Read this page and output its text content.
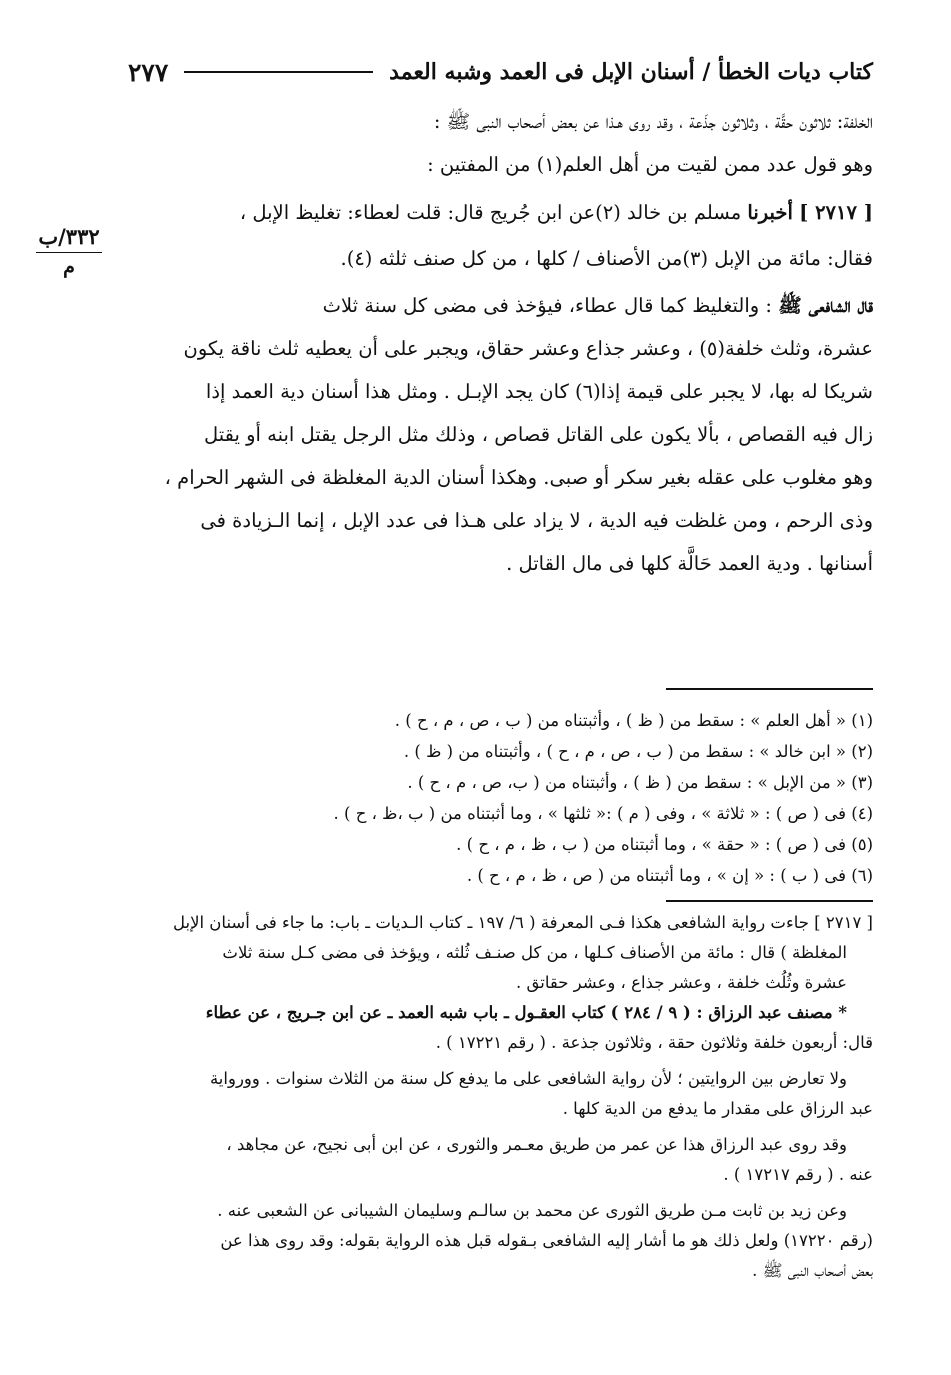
٢٧٧	كتاب ديات الخطأ / أسنان الإبل فى العمد وشبه العمد
٣٣٢/ب
م
الخلفة: ثلاثون حقَّة ، وثلاثون جذَعة ، وقد روى هـذا عن بعض أصحاب النبى ﷺ :
وهو قول عدد ممن لقيت من أهل العلم(١) من المفتين :
[ ٢٧١٧ ] أخبرنا مسلم بن خالد (٢)عن ابن جُريج قال: قلت لعطاء: تغليظ الإبل ،
فقال: مائة من الإبل (٣)من الأصناف / كلها ، من كل صنف ثلثه (٤).
قال الشافعى ﷺ : والتغليظ كما قال عطاء، فيؤخذ فى مضى كل سنة ثلاث
عشرة، وثلث خلفة(٥) ، وعشر جذاع وعشر حقاق، ويجبر على أن يعطيه ثلث ناقة يكون
شريكا له بها، لا يجبر على قيمة إذا(٦) كان يجد الإبـل . ومثل هذا أسنان دية العمد إذا
زال فيه القصاص ، بألا يكون على القاتل قصاص ، وذلك مثل الرجل يقتل ابنه أو يقتل
وهو مغلوب على عقله بغير سكر أو صبى. وهكذا أسنان الدية المغلظة فى الشهر الحرام ،
وذى الرحم ، ومن غلظت فيه الدية ، لا يزاد على هـذا فى عدد الإبل ، إنما الـزيادة فى
أسنانها . ودية العمد حَالَّة كلها فى مال القاتل .
(١) « أهل العلم » : سقط من ( ظ ) ، وأثبتناه من ( ب ، ص ، م ، ح ) .
(٢) « ابن خالد » : سقط من ( ب ، ص ، م ، ح ) ، وأثبتناه من ( ظ ) .
(٣) « من الإبل » : سقط من ( ظ ) ، وأثبتناه من ( ب، ص ، م ، ح ) .
(٤) فى ( ص ) : « ثلاثة » ، وفى ( م ) :« ثلثها » ، وما أثبتناه من ( ب ،ظ ، ح ) .
(٥) فى ( ص ) : « حقة » ، وما أثبتناه من ( ب ، ظ ، م ، ح ) .
(٦) فى ( ب ) : « إن » ، وما أثبتناه من ( ص ، ظ ، م ، ح ) .
[ ٢٧١٧ ] جاءت رواية الشافعى هكذا فـى المعرفة ( ٦/ ١٩٧ ـ كتاب الـديات ـ باب: ما جاء فى أسنان الإبل
المغلظة ) قال : مائة من الأصناف كـلها ، من كل صنـف ثُلثه ، ويؤخذ فى مضى كـل سنة ثلاث
عشرة وثُلُث خلفة ، وعشر جذاع ، وعشر حقاتق .
* مصنف عبد الرزاق : ( ٩ / ٢٨٤ ) كتاب العقـول ـ باب شبه العمد ـ عن ابن جـريج ، عن عطاء
قال: أربعون خلفة وثلاثون حقة ، وثلاثون جذعة . ( رقم ١٧٢٢١ ) .
ولا تعارض بين الروايتين ؛ لأن رواية الشافعى على ما يدفع كل سنة من الثلاث سنوات . وورواية
عبد الرزاق على مقدار ما يدفع من الدية كلها .
وقد روى عبد الرزاق هذا عن عمر من طريق معـمر والثورى ، عن ابن أبى نجيح، عن مجاهد ،
عنه . ( رقم ١٧٢١٧ ) .
وعن زيد بن ثابت مـن طريق الثورى عن محمد بن سالـم وسليمان الشيبانى عن الشعبى عنه .
(رقم ١٧٢٢٠) ولعل ذلك هو ما أشار إليه الشافعى بـقوله قبل هذه الرواية بقوله: وقد روى هذا عن
بعض أصحاب النبى ﷺ .
